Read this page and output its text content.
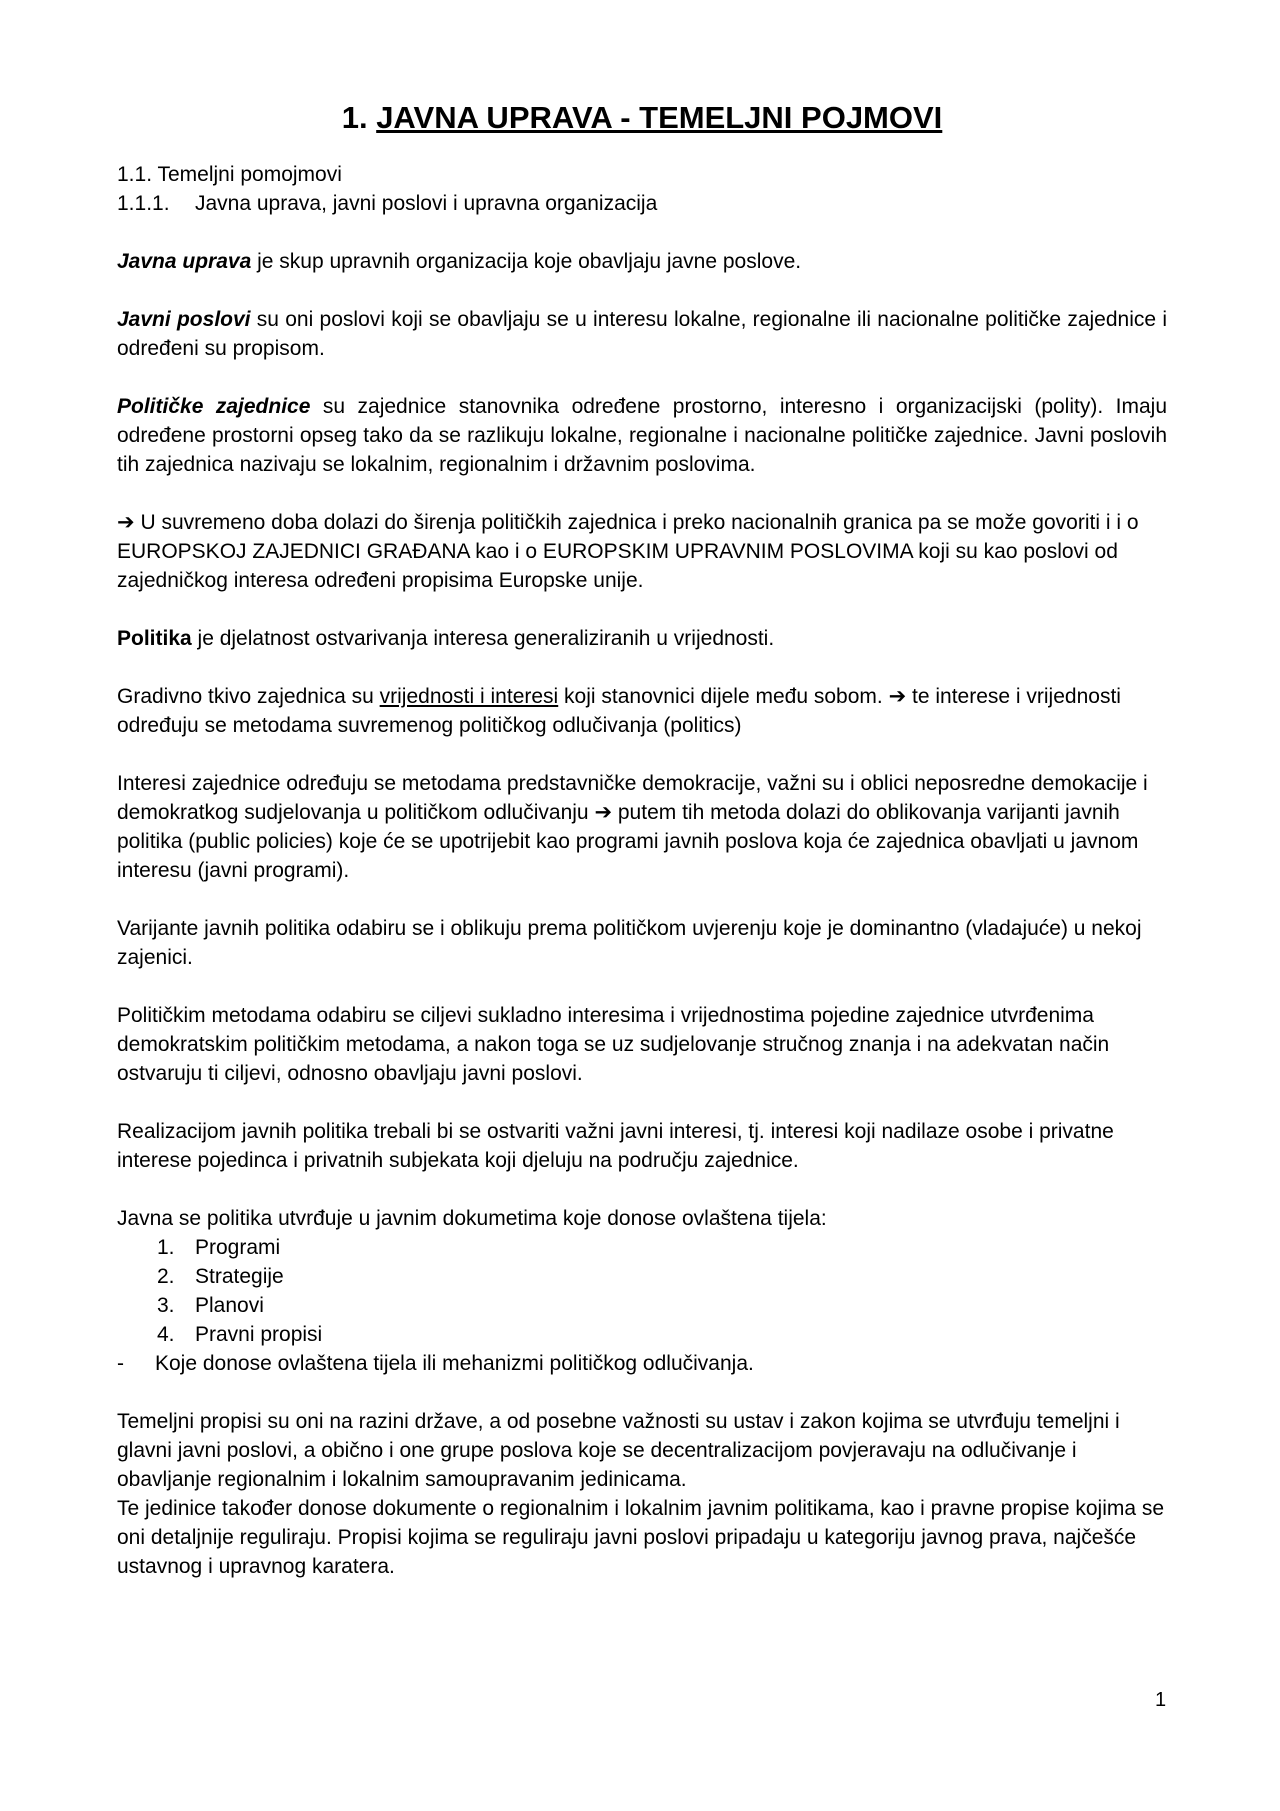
1. JAVNA UPRAVA - TEMELJNI POJMOVI
1.1. Temeljni pomojmovi

1.1.1. Javna uprava, javni poslovi i upravna organizacija

Javna uprava je skup upravnih organizacija koje obavljaju javne poslove.

Javni poslovi su oni poslovi koji se obavljaju se u interesu lokalne, regionalne ili nacionalne političke zajednice i određeni su propisom.

Političke zajednice su zajednice stanovnika određene prostorno, interesno i organizacijski (polity). Imaju određene prostorni opseg tako da se razlikuju lokalne, regionalne i nacionalne političke zajednice. Javni poslovih tih zajednica nazivaju se lokalnim, regionalnim i državnim poslovima.

➔ U suvremeno doba dolazi do širenja političkih zajednica i preko nacionalnih granica pa se može govoriti i i o EUROPSKOJ ZAJEDNICI GRAĐANA kao i o EUROPSKIM UPRAVNIM POSLOVIMA koji su kao poslovi od zajedničkog interesa određeni propisima Europske unije.

Politika je djelatnost ostvarivanja interesa generaliziranih u vrijednosti.

Gradivno tkivo zajednica su vrijednosti i interesi koji stanovnici dijele među sobom. ➔ te interese i vrijednosti određuju se metodama suvremenog političkog odlučivanja (politics)

Interesi zajednice određuju se metodama predstavničke demokracije, važni su i oblici neposredne demokacije i demokratkog sudjelovanja u političkom odlučivanju ➔ putem tih metoda dolazi do oblikovanja varijanti javnih politika (public policies) koje će se upotrijebit kao programi javnih poslova koja će zajednica obavljati u javnom interesu (javni programi).

Varijante javnih politika odabiru se i oblikuju prema političkom uvjerenju koje je dominantno (vladajuće) u nekoj zajenici.

Političkim metodama odabiru se ciljevi sukladno interesima i vrijednostima pojedine zajednice utvrđenima demokratskim političkim metodama, a nakon toga se uz sudjelovanje stručnog znanja i na adekvatan način ostvaruju ti ciljevi, odnosno obavljaju javni poslovi.

Realizacijom javnih politika trebali bi se ostvariti važni javni interesi, tj. interesi koji nadilaze osobe i privatne interese pojedinca i privatnih subjekata koji djeluju na području zajednice.

Javna se politika utvrđuje u javnim dokumetima koje donose ovlaštena tijela:
1. Programi
2. Strategije
3. Planovi
4. Pravni propisi
- Koje donose ovlaštena tijela ili mehanizmi političkog odlučivanja.
Temeljni propisi su oni na razini države, a od posebne važnosti su ustav i zakon kojima se utvrđuju temeljni i glavni javni poslovi, a obično i one grupe poslova koje se decentralizacijom povjeravaju na odlučivanje i obavljanje regionalnim i lokalnim samoupravanim jedinicama.
Te jedinice također donose dokumente o regionalnim i lokalnim javnim politikama, kao i pravne propise kojima se oni detaljnije reguliraju. Propisi kojima se reguliraju javni poslovi pripadaju u kategoriju javnog prava, najčešće ustavnog i upravnog karatera.
1
